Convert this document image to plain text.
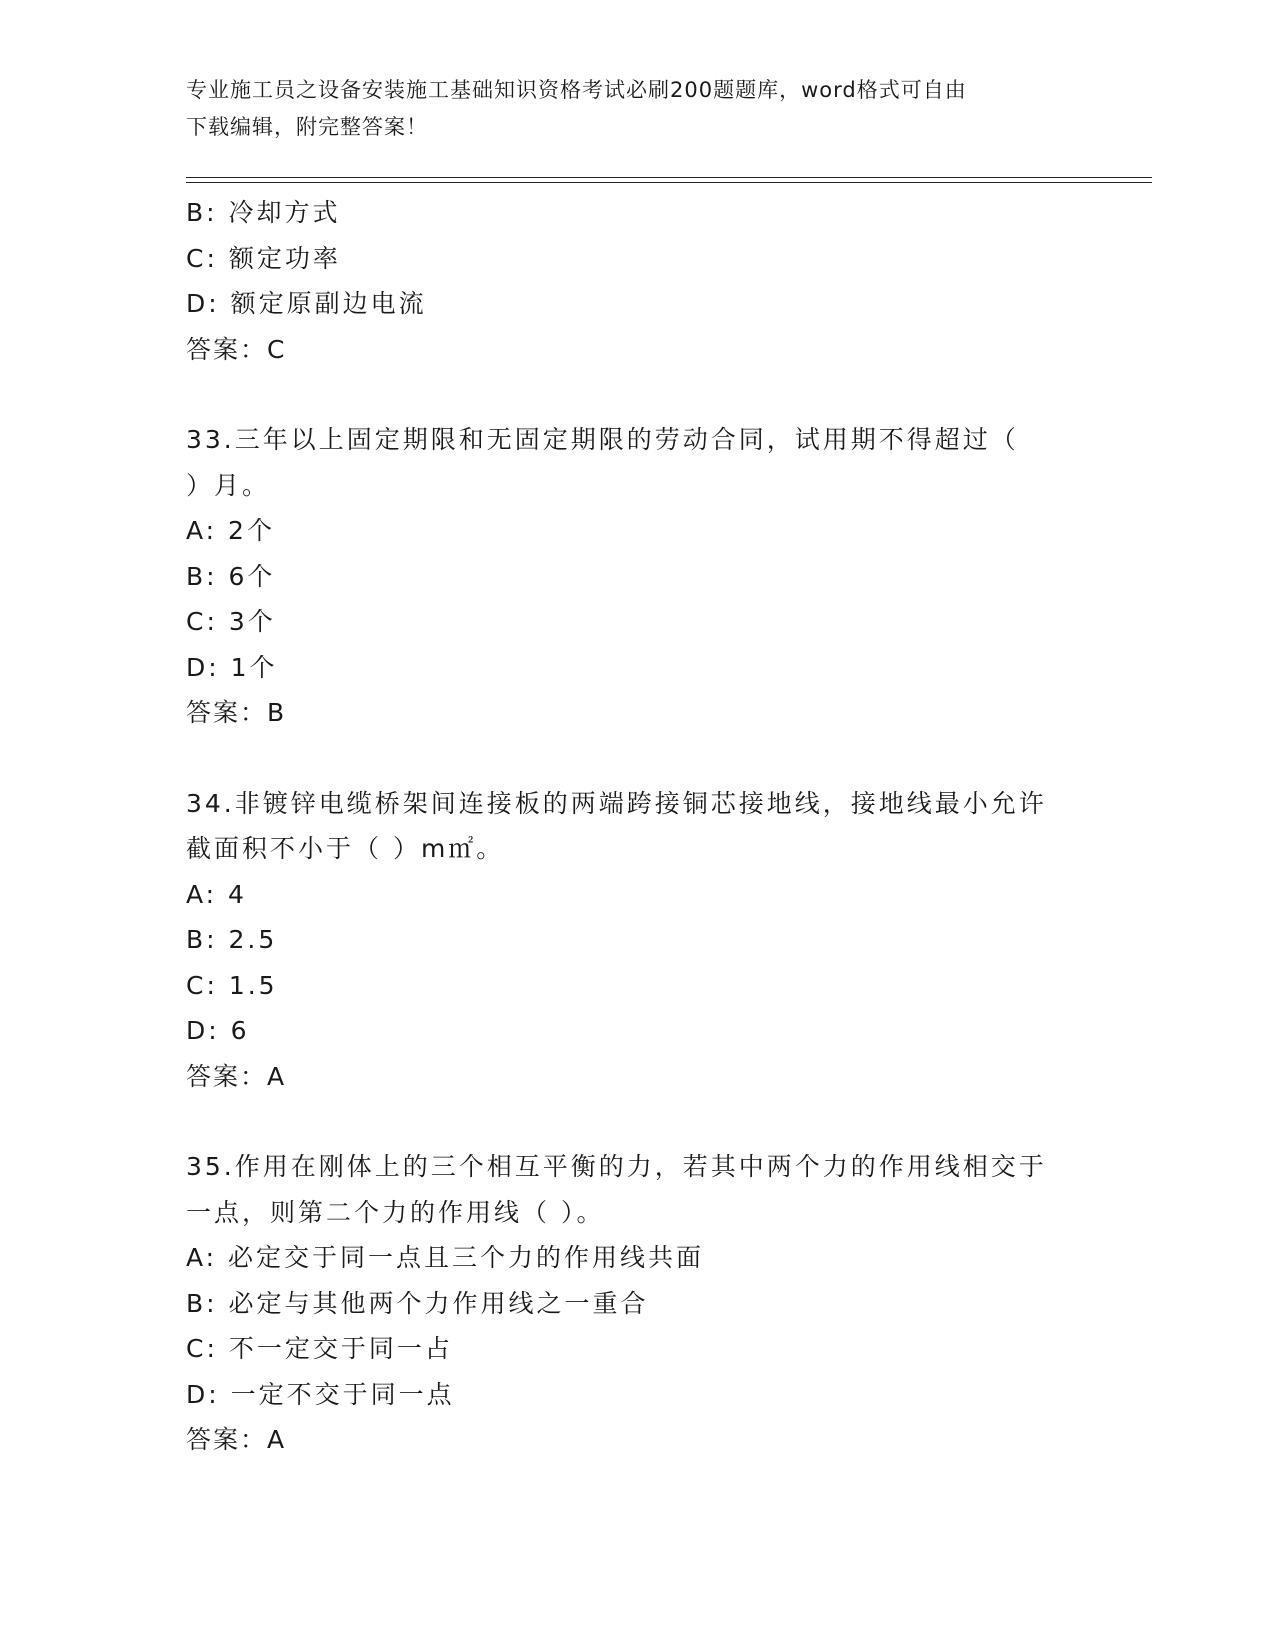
专业施工员之设备安装施工基础知识资格考试必刷200题题库，word格式可自由
下载编辑，附完整答案！
B: 冷却方式
C: 额定功率
D: 额定原副边电流
答案：C
33.三年以上固定期限和无固定期限的劳动合同，试用期不得超过（
）月。
A: 2个
B: 6个
C: 3个
D: 1个
答案：B
34.非镀锌电缆桥架间连接板的两端跨接铜芯接地线，接地线最小允许
截面积不小于（ ）m㎡。
A: 4
B: 2.5
C: 1.5
D: 6
答案：A
35.作用在刚体上的三个相互平衡的力，若其中两个力的作用线相交于
一点，则第二个力的作用线（ ）。
A: 必定交于同一点且三个力的作用线共面
B: 必定与其他两个力作用线之一重合
C: 不一定交于同一占
D: 一定不交于同一点
答案：A
